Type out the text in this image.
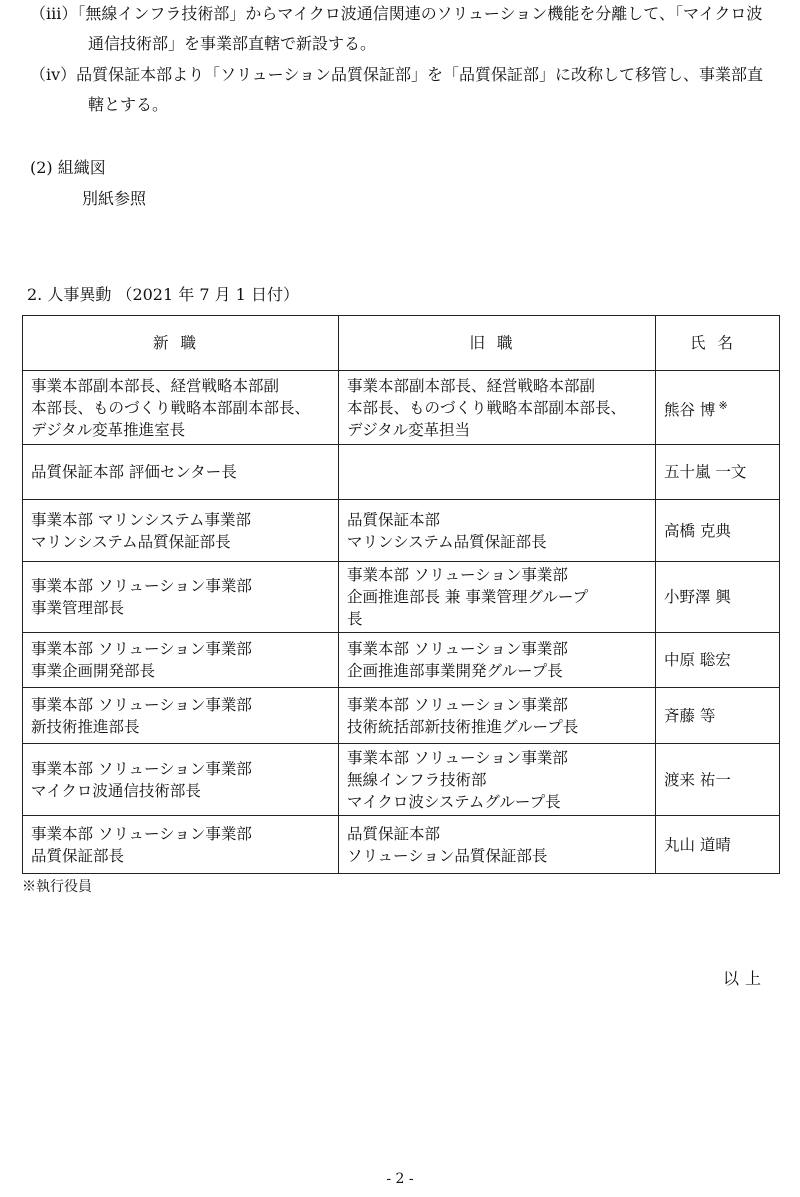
（ⅲ）「無線インフラ技術部」からマイクロ波通信関連のソリューション機能を分離して、「マイクロ波
通信技術部」を事業部直轄で新設する。
（ⅳ）品質保証本部より「ソリューション品質保証部」を「品質保証部」に改称して移管し、事業部直
轄とする。
(2) 組織図
別紙参照
2. 人事異動 （2021 年 7 月 1 日付）
新職	旧職	氏名

事業本部副本部長、経営戦略本部副
本部長、ものづくり戦略本部副本部長、
デジタル変革推進室長	事業本部副本部長、経営戦略本部副
本部長、ものづくり戦略本部副本部長、
デジタル変革担当	熊谷 博 ※

品質保証本部 評価センター長		五十嵐 一文

事業本部 マリンシステム事業部
マリンシステム品質保証部長	品質保証本部
マリンシステム品質保証部長	高橋 克典

事業本部 ソリューション事業部
事業管理部長	事業本部 ソリューション事業部
企画推進部長 兼 事業管理グループ
長	小野澤 興

事業本部 ソリューション事業部
事業企画開発部長	事業本部 ソリューション事業部
企画推進部事業開発グループ長	中原 聡宏

事業本部 ソリューション事業部
新技術推進部長	事業本部 ソリューション事業部
技術統括部新技術推進グループ長	斉藤 等

事業本部 ソリューション事業部
マイクロ波通信技術部長	事業本部 ソリューション事業部
無線インフラ技術部
マイクロ波システムグループ長	渡来 祐一

事業本部 ソリューション事業部
品質保証部長	品質保証本部
ソリューション品質保証部長	丸山 道晴
※執行役員
以上
- 2 -
